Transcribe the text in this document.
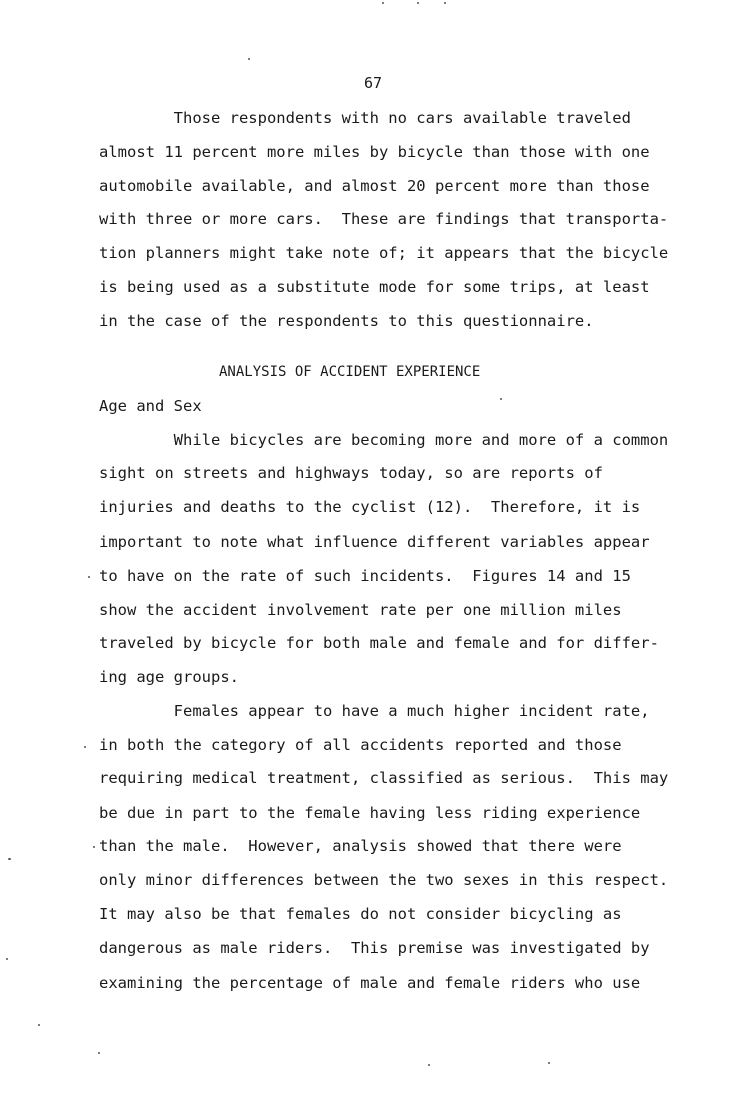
67
Those respondents with no cars available traveled
almost 11 percent more miles by bicycle than those with one
automobile available, and almost 20 percent more than those
with three or more cars.  These are findings that transporta-
tion planners might take note of; it appears that the bicycle
is being used as a substitute mode for some trips, at least
in the case of the respondents to this questionnaire.
ANALYSIS OF ACCIDENT EXPERIENCE
Age and Sex
While bicycles are becoming more and more of a common
sight on streets and highways today, so are reports of
injuries and deaths to the cyclist (12).  Therefore, it is
important to note what influence different variables appear
to have on the rate of such incidents.  Figures 14 and 15
show the accident involvement rate per one million miles
traveled by bicycle for both male and female and for differ-
ing age groups.
Females appear to have a much higher incident rate,
in both the category of all accidents reported and those
requiring medical treatment, classified as serious.  This may
be due in part to the female having less riding experience
than the male.  However, analysis showed that there were
only minor differences between the two sexes in this respect.
It may also be that females do not consider bicycling as
dangerous as male riders.  This premise was investigated by
examining the percentage of male and female riders who use
